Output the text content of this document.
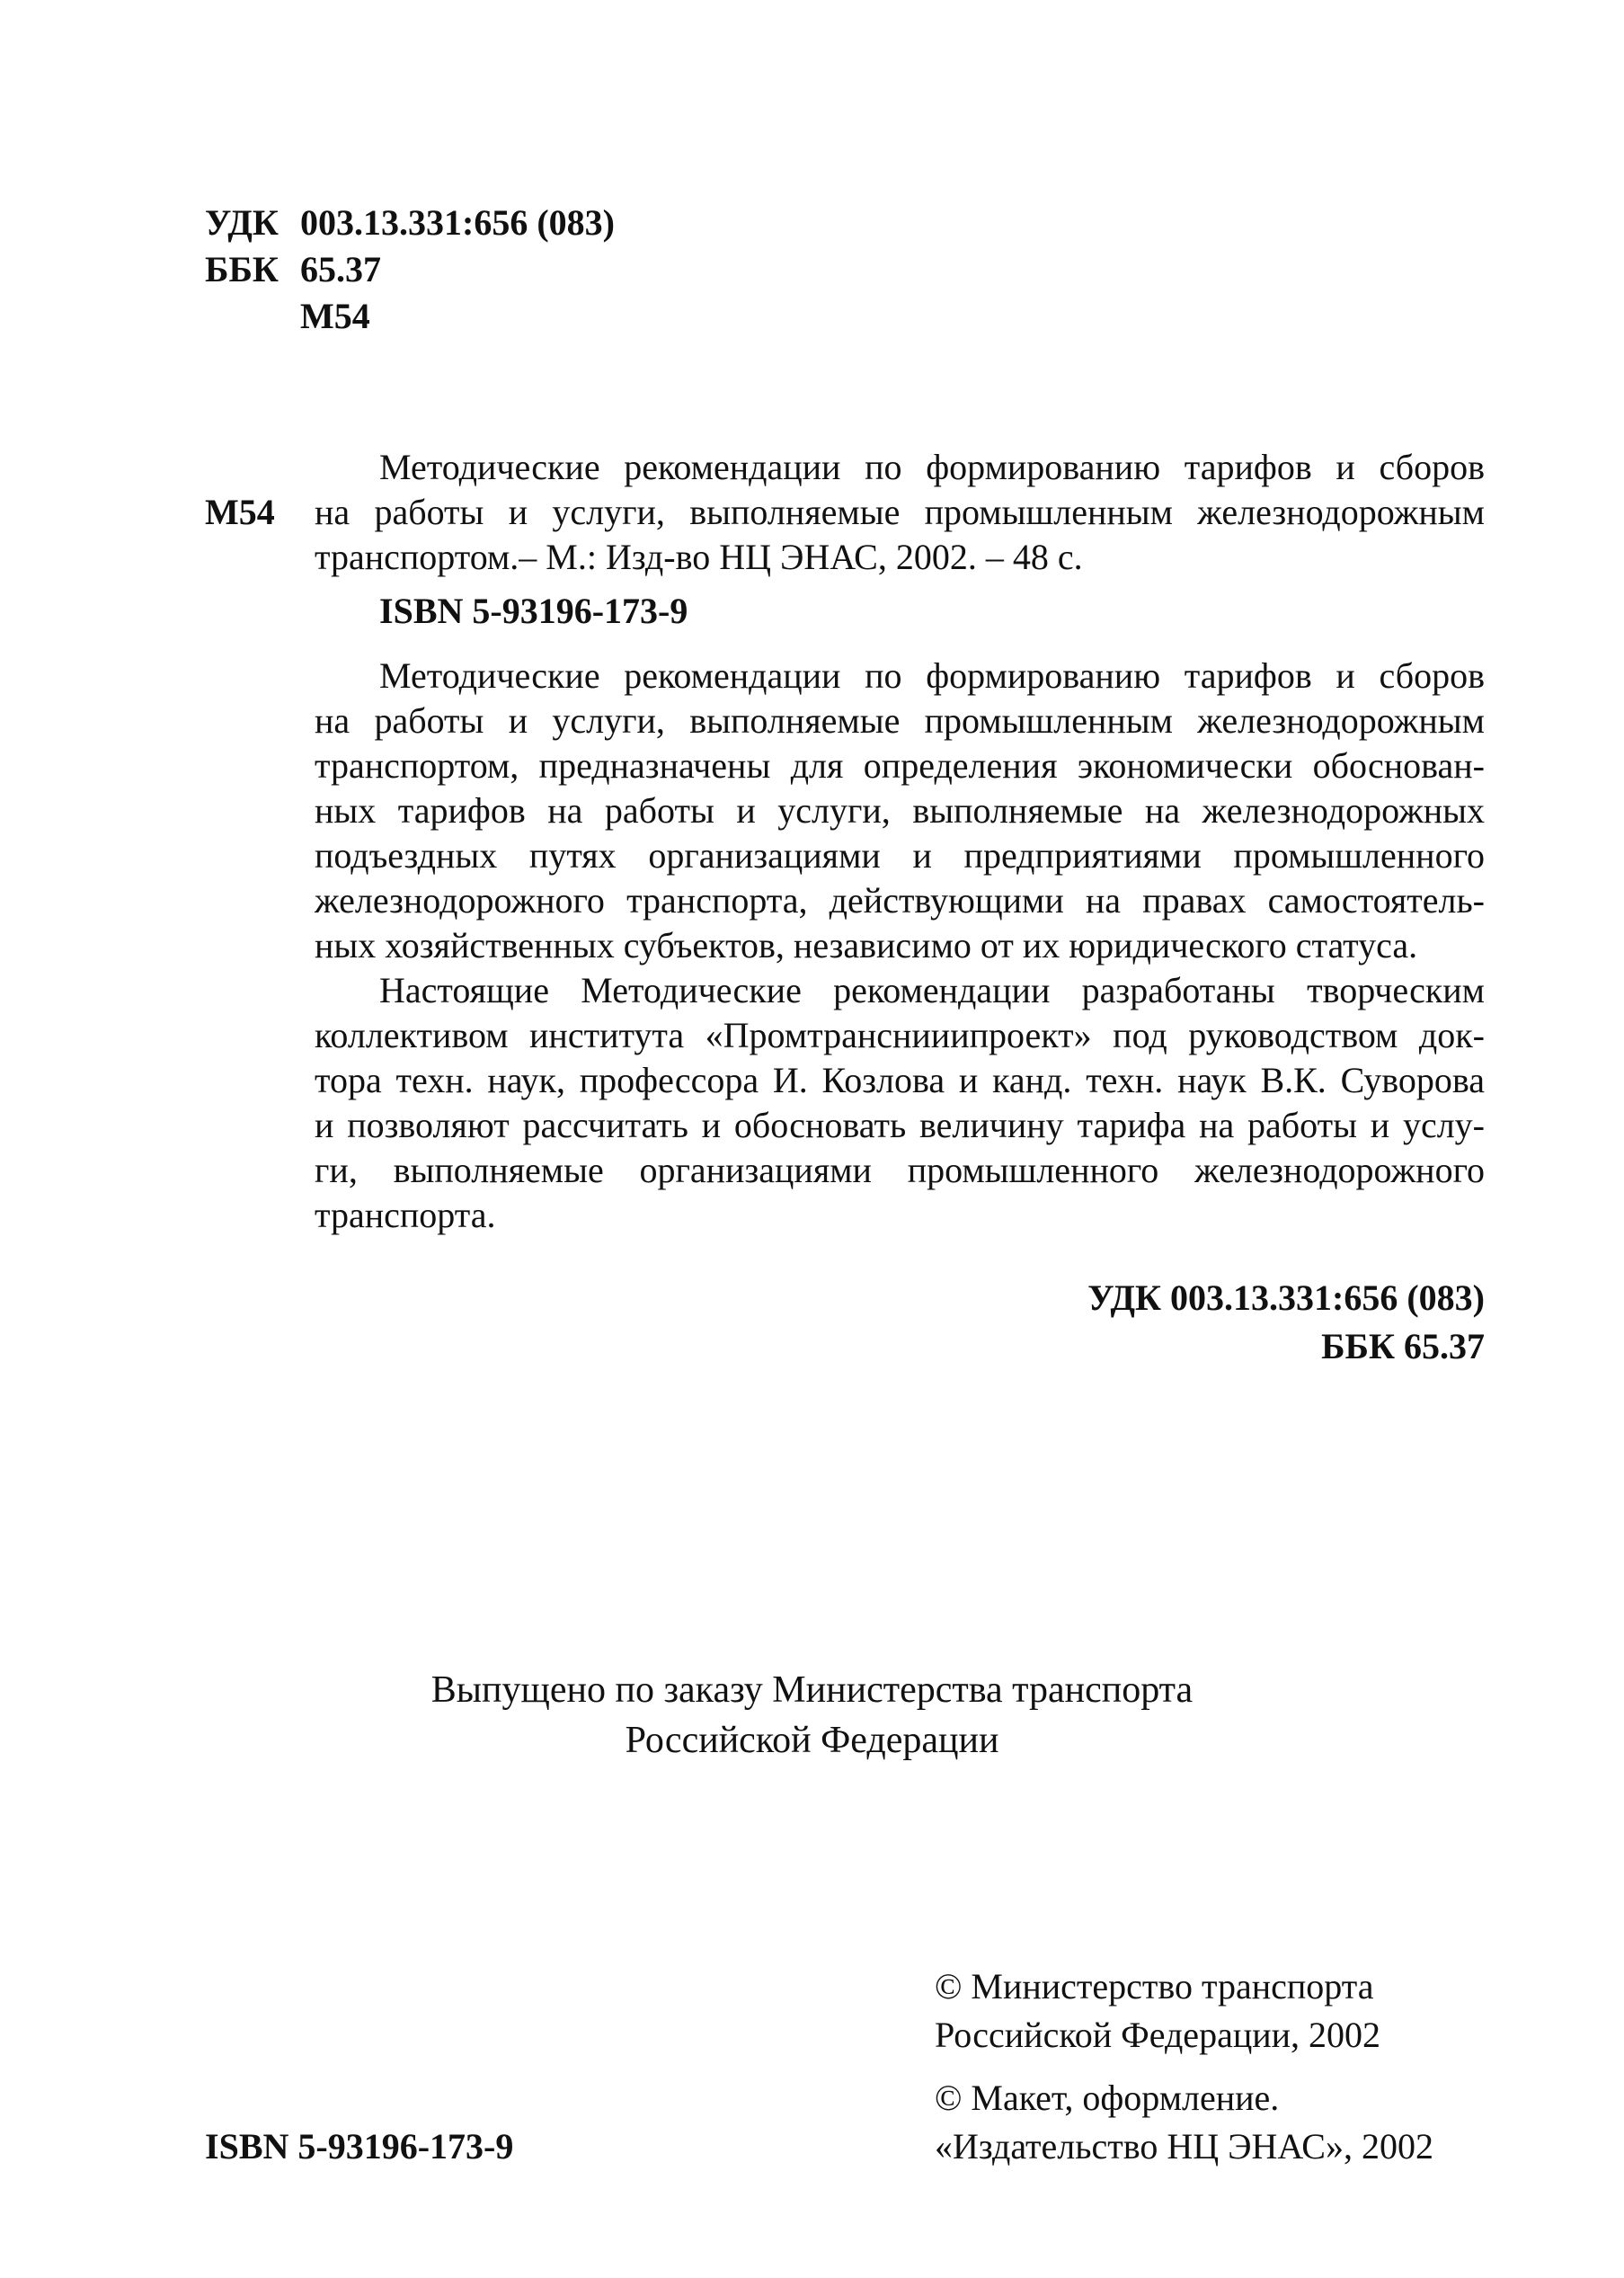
УДК 003.13.331:656 (083)
ББК 65.37
М54
М54
Методические рекомендации по формированию тарифов и сборов
на работы и услуги, выполняемые промышленным железнодорожным
транспортом.– М.: Изд-во НЦ ЭНАС, 2002. – 48 с.
ISBN 5-93196-173-9
Методические рекомендации по формированию тарифов и сборов
на работы и услуги, выполняемые промышленным железнодорожным
транспортом, предназначены для определения экономически обоснован-
ных тарифов на работы и услуги, выполняемые на железнодорожных
подъездных путях организациями и предприятиями промышленного
железнодорожного транспорта, действующими на правах самостоятель-
ных хозяйственных субъектов, независимо от их юридического статуса.
Настоящие Методические рекомендации разработаны творческим
коллективом института «Промтранснииипроект» под руководством док-
тора техн. наук, профессора И. Козлова и канд. техн. наук В.К. Суворова
и позволяют рассчитать и обосновать величину тарифа на работы и услу-
ги, выполняемые организациями промышленного железнодорожного
транспорта.
УДК 003.13.331:656 (083)
ББК 65.37
Выпущено по заказу Министерства транспорта
Российской Федерации
© Министерство транспорта
Российской Федерации, 2002
© Макет, оформление.
«Издательство НЦ ЭНАС», 2002
ISBN 5-93196-173-9
